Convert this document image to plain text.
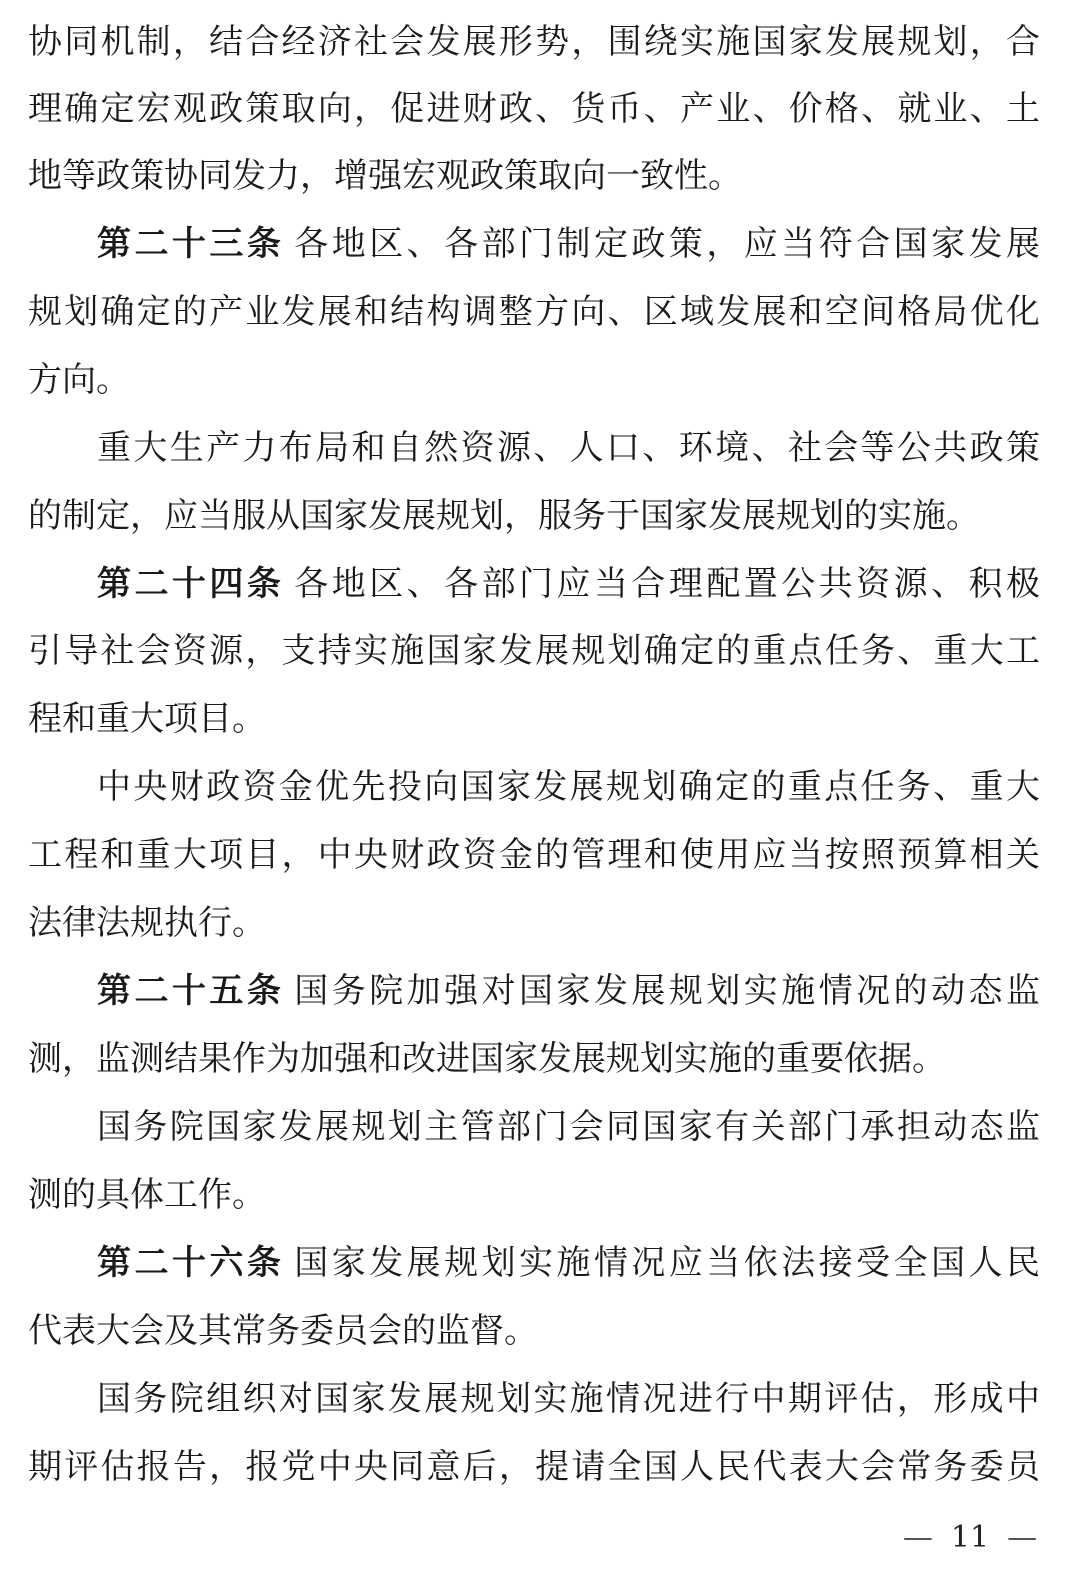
协同机制，结合经济社会发展形势，围绕实施国家发展规划，合
理确定宏观政策取向，促进财政、货币、产业、价格、就业、土
地等政策协同发力，增强宏观政策取向一致性。
第二十三条 各地区、各部门制定政策，应当符合国家发展
规划确定的产业发展和结构调整方向、区域发展和空间格局优化
方向。
重大生产力布局和自然资源、人口、环境、社会等公共政策
的制定，应当服从国家发展规划，服务于国家发展规划的实施。
第二十四条 各地区、各部门应当合理配置公共资源、积极
引导社会资源，支持实施国家发展规划确定的重点任务、重大工
程和重大项目。
中央财政资金优先投向国家发展规划确定的重点任务、重大
工程和重大项目，中央财政资金的管理和使用应当按照预算相关
法律法规执行。
第二十五条 国务院加强对国家发展规划实施情况的动态监
测，监测结果作为加强和改进国家发展规划实施的重要依据。
国务院国家发展规划主管部门会同国家有关部门承担动态监
测的具体工作。
第二十六条 国家发展规划实施情况应当依法接受全国人民
代表大会及其常务委员会的监督。
国务院组织对国家发展规划实施情况进行中期评估，形成中
期评估报告，报党中央同意后，提请全国人民代表大会常务委员
— 11 —
